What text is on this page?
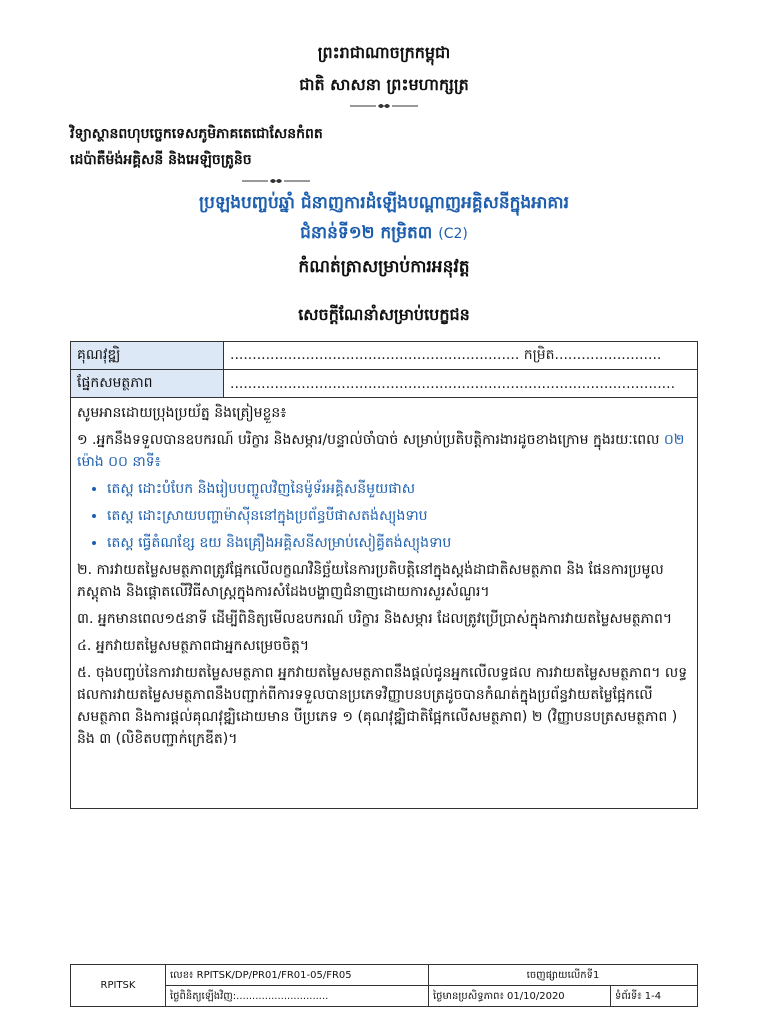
ព្រះរាជាណាចក្រកម្ពុជា
ជាតិ សាសនា ព្រះមហាក្សត្រ
វិទ្យាស្ថានពហុបច្ចេកទេសភូមិភាគតេជោសែនកំពត
ដេប៉ាតឺម៉ង់អគ្គិសនី និងអេឡិចត្រូនិច
ប្រឡងបញ្ចប់ឆ្នាំ ជំនាញការដំឡើងបណ្តាញអគ្គិសនីក្នុងអាគារ
ជំនាន់ទី១២ កម្រិត៣ (C2)
កំណត់ត្រាសម្រាប់ការអនុវត្ត
សេចក្តីណែនាំសម្រាប់បេក្ខជន
គុណវុឌ្ឍិ	................................................................. កម្រិត........................
ផ្នែកសមត្ថភាព	....................................................................................................

សូមអានដោយប្រុងប្រយ័ត្ន និងត្រៀមខ្លួន៖

១ .អ្នកនឹងទទួលបានឧបករណ៍ បរិក្ខារ និងសម្ភារ/បន្ទាល់ចាំបាច់ សម្រាប់ប្រតិបត្តិការងារដូចខាងក្រោម ក្នុងរយៈពេល ០២ ម៉ោង ០០ នាទី៖

• តេស្ត ដោះបំបែក និងរៀបបញ្ចូលវិញនៃម៉ូទ័រអគ្គិសនីមួយផាស
• តេស្ត ដោះស្រាយបញ្ហាម៉ាស៊ីននៅក្នុងប្រព័ន្ធបីផាសតង់ស្យុងទាប
• តេស្ត ធ្វើតំណខ្សែ ឧយ និងគ្រឿងអគ្គិសនីសម្រាប់សៀគ្វីតង់ស្យុងទាប

២. ការវាយតម្លៃសមត្ថភាពត្រូវផ្អែកលើលក្ខណវិនិច្ឆ័យនៃការប្រតិបត្តិនៅក្នុងស្តង់ដាជាតិសមត្ថភាព និង ផែនការប្រមូលភស្តុតាង និងផ្តោតលើវិធីសាស្ត្រក្នុងការសំដែងបង្ហាញជំនាញដោយការសួរសំណួរ។

៣. អ្នកមានពេល១៥នាទី ដើម្បីពិនិត្យមើលឧបករណ៍ បរិក្ខារ និងសម្ភារ ដែលត្រូវប្រើប្រាស់ក្នុងការវាយតម្លៃសមត្ថភាព។

៤. អ្នកវាយតម្លៃសមត្ថភាពជាអ្នកសម្រេចចិត្ត។

៥. ចុងបញ្ចប់នៃការវាយតម្លៃសមត្ថភាព អ្នកវាយតម្លៃសមត្ថភាពនឹងផ្តល់ជូនអ្នកលើលទ្ធផល ការវាយតម្លៃសមត្ថភាព។ លទ្ធផលការវាយតម្លៃសមត្ថភាពនឹងបញ្ជាក់ពីការទទួលបានប្រភេទវិញ្ញាបនបត្រដូចបានកំណត់ក្នុងប្រព័ន្ធវាយតម្លៃផ្អែកលើសមត្ថភាព និងការផ្តល់គុណវុឌ្ឍិដោយមាន បីប្រភេទ ១ (គុណវុឌ្ឍិជាតិផ្អែកលើសមត្ថភាព) ២ (វិញ្ញាបនបត្រសមត្ថភាព ) និង ៣ (លិខិតបញ្ជាក់ក្រេឌីត)។

RPITSK	លេខ៖ RPITSK/DP/PR01/FR01-05/FR05	ចេញផ្សាយលើកទី1	
	ថ្ងៃពិនិត្យឡើងវិញ:.............................	ថ្ងៃមានប្រសិទ្ធភាព៖ 01/10/2020	ទំព័រទី៖ 1-4
